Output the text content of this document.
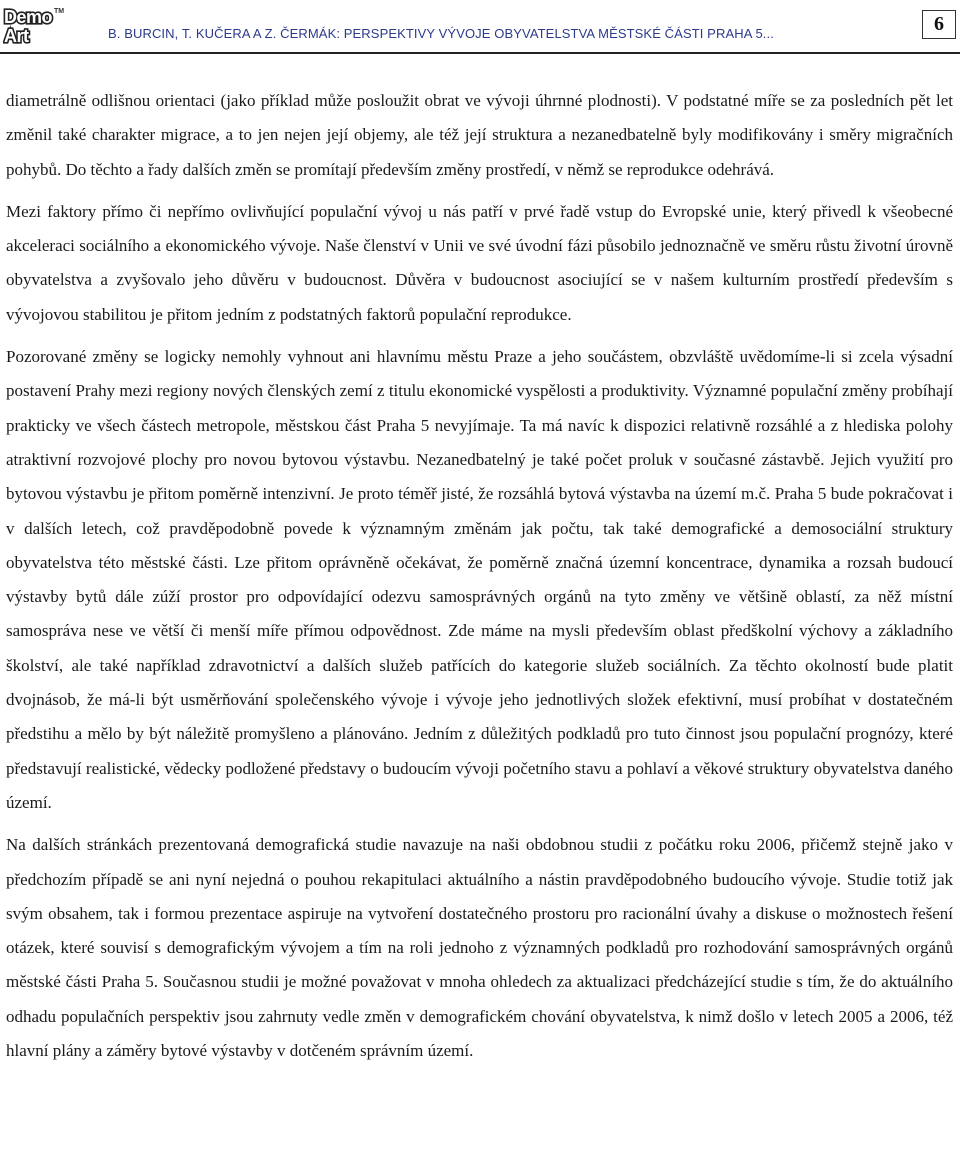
Demo
Art
TM
B. BURCIN, T. KUČERA A Z. ČERMÁK: PERSPEKTIVY VÝVOJE OBYVATELSTVA MĚSTSKÉ ČÁSTI PRAHA 5...	6

diametrálně odlišnou orientaci (jako příklad může posloužit obrat ve vývoji úhrnné plodnosti). V podstatné míře se za posledních pět let změnil také charakter migrace, a to jen nejen její objemy, ale též její struktura a nezanedbatelně byly modifikovány i směry migračních pohybů. Do těchto a řady dalších změn se promítají především změny prostředí, v němž se reprodukce odehrává.

Mezi faktory přímo či nepřímo ovlivňující populační vývoj u nás patří v prvé řadě vstup do Evropské unie, který přivedl k všeobecné akceleraci sociálního a ekonomického vývoje. Naše členství v Unii ve své úvodní fázi působilo jednoznačně ve směru růstu životní úrovně obyvatelstva a zvyšovalo jeho důvěru v budoucnost. Důvěra v budoucnost asociující se v našem kulturním prostředí především s vývojovou stabilitou je přitom jedním z podstatných faktorů populační reprodukce.

Pozorované změny se logicky nemohly vyhnout ani hlavnímu městu Praze a jeho součástem, obzvláště uvědomíme-li si zcela výsadní postavení Prahy mezi regiony nových členských zemí z titulu ekonomické vyspělosti a produktivity. Významné populační změny probíhají prakticky ve všech částech metropole, městskou část Praha 5 nevyjímaje. Ta má navíc k dispozici relativně rozsáhlé a z hlediska polohy atraktivní rozvojové plochy pro novou bytovou výstavbu. Nezanedbatelný je také počet proluk v současné zástavbě. Jejich využití pro bytovou výstavbu je přitom poměrně intenzivní. Je proto téměř jisté, že rozsáhlá bytová výstavba na území m.č. Praha 5 bude pokračovat i v dalších letech, což pravděpodobně povede k významným změnám jak počtu, tak také demografické a demosociální struktury obyvatelstva této městské části. Lze přitom oprávněně očekávat, že poměrně značná územní koncentrace, dynamika a rozsah budoucí výstavby bytů dále zúží prostor pro odpovídající odezvu samosprávných orgánů na tyto změny ve většině oblastí, za něž místní samospráva nese ve větší či menší míře přímou odpovědnost. Zde máme na mysli především oblast předškolní výchovy a základního školství, ale také například zdravotnictví a dalších služeb patřících do kategorie služeb sociálních. Za těchto okolností bude platit dvojnásob, že má-li být usměrňování společenského vývoje i vývoje jeho jednotlivých složek efektivní, musí probíhat v dostatečném předstihu a mělo by být náležitě promyšleno a plánováno. Jedním z důležitých podkladů pro tuto činnost jsou populační prognózy, které představují realistické, vědecky podložené představy o budoucím vývoji početního stavu a pohlaví a věkové struktury obyvatelstva daného území.

Na dalších stránkách prezentovaná demografická studie navazuje na naši obdobnou studii z počátku roku 2006, přičemž stejně jako v předchozím případě se ani nyní nejedná o pouhou rekapitulaci aktuálního a nástin pravděpodobného budoucího vývoje. Studie totiž jak svým obsahem, tak i formou prezentace aspiruje na vytvoření dostatečného prostoru pro racionální úvahy a diskuse o možnostech řešení otázek, které souvisí s demografickým vývojem a tím na roli jednoho z významných podkladů pro rozhodování samosprávných orgánů městské části Praha 5. Současnou studii je možné považovat v mnoha ohledech za aktualizaci předcházející studie s tím, že do aktuálního odhadu populačních perspektiv jsou zahrnuty vedle změn v demografickém chování obyvatelstva, k nimž došlo v letech 2005 a 2006, též hlavní plány a záměry bytové výstavby v dotčeném správním území.
